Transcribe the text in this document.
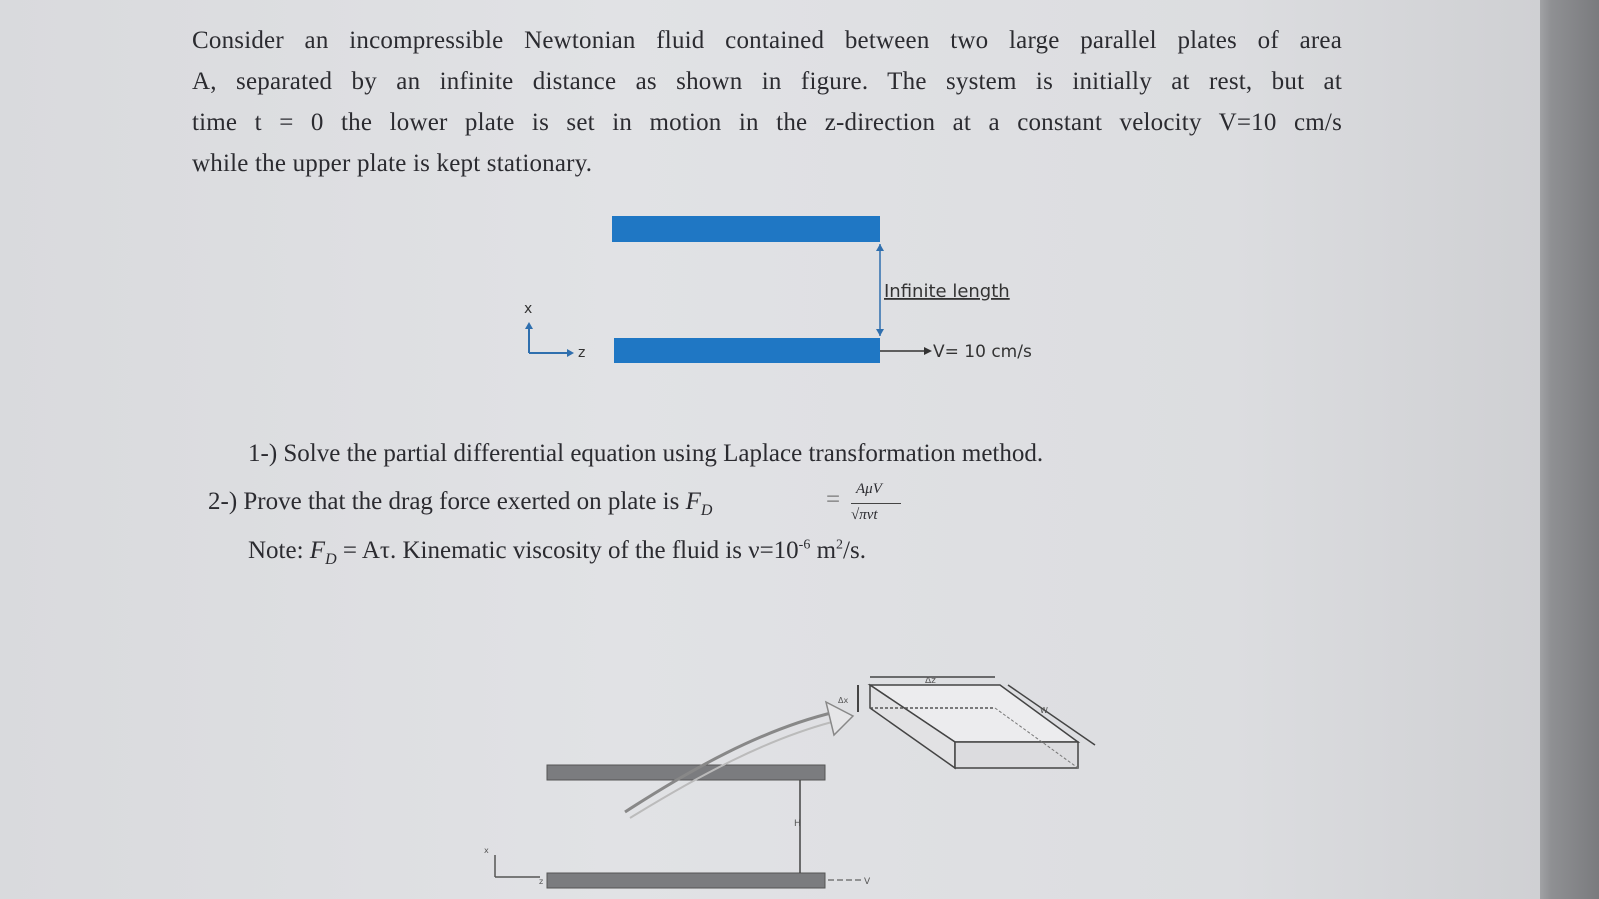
Consider an incompressible Newtonian fluid contained between two large parallel plates of area
A, separated by an infinite distance as shown in figure. The system is initially at rest, but at
time t = 0 the lower plate is set in motion in the z-direction at a constant velocity V=10 cm/s
while the upper plate is kept stationary.
Infinite length
V= 10 cm/s
x
z
1-) Solve the partial differential equation using Laplace transformation method.
2-) Prove that the drag force exerted on plate is $F_D$	= AμV
√πνt
Note: $F_D = A\tau$. Kinematic viscosity of the fluid is $\nu=10^{-6}$ $m^2/s$.
H
V
x
z
Δz
Δx
W
